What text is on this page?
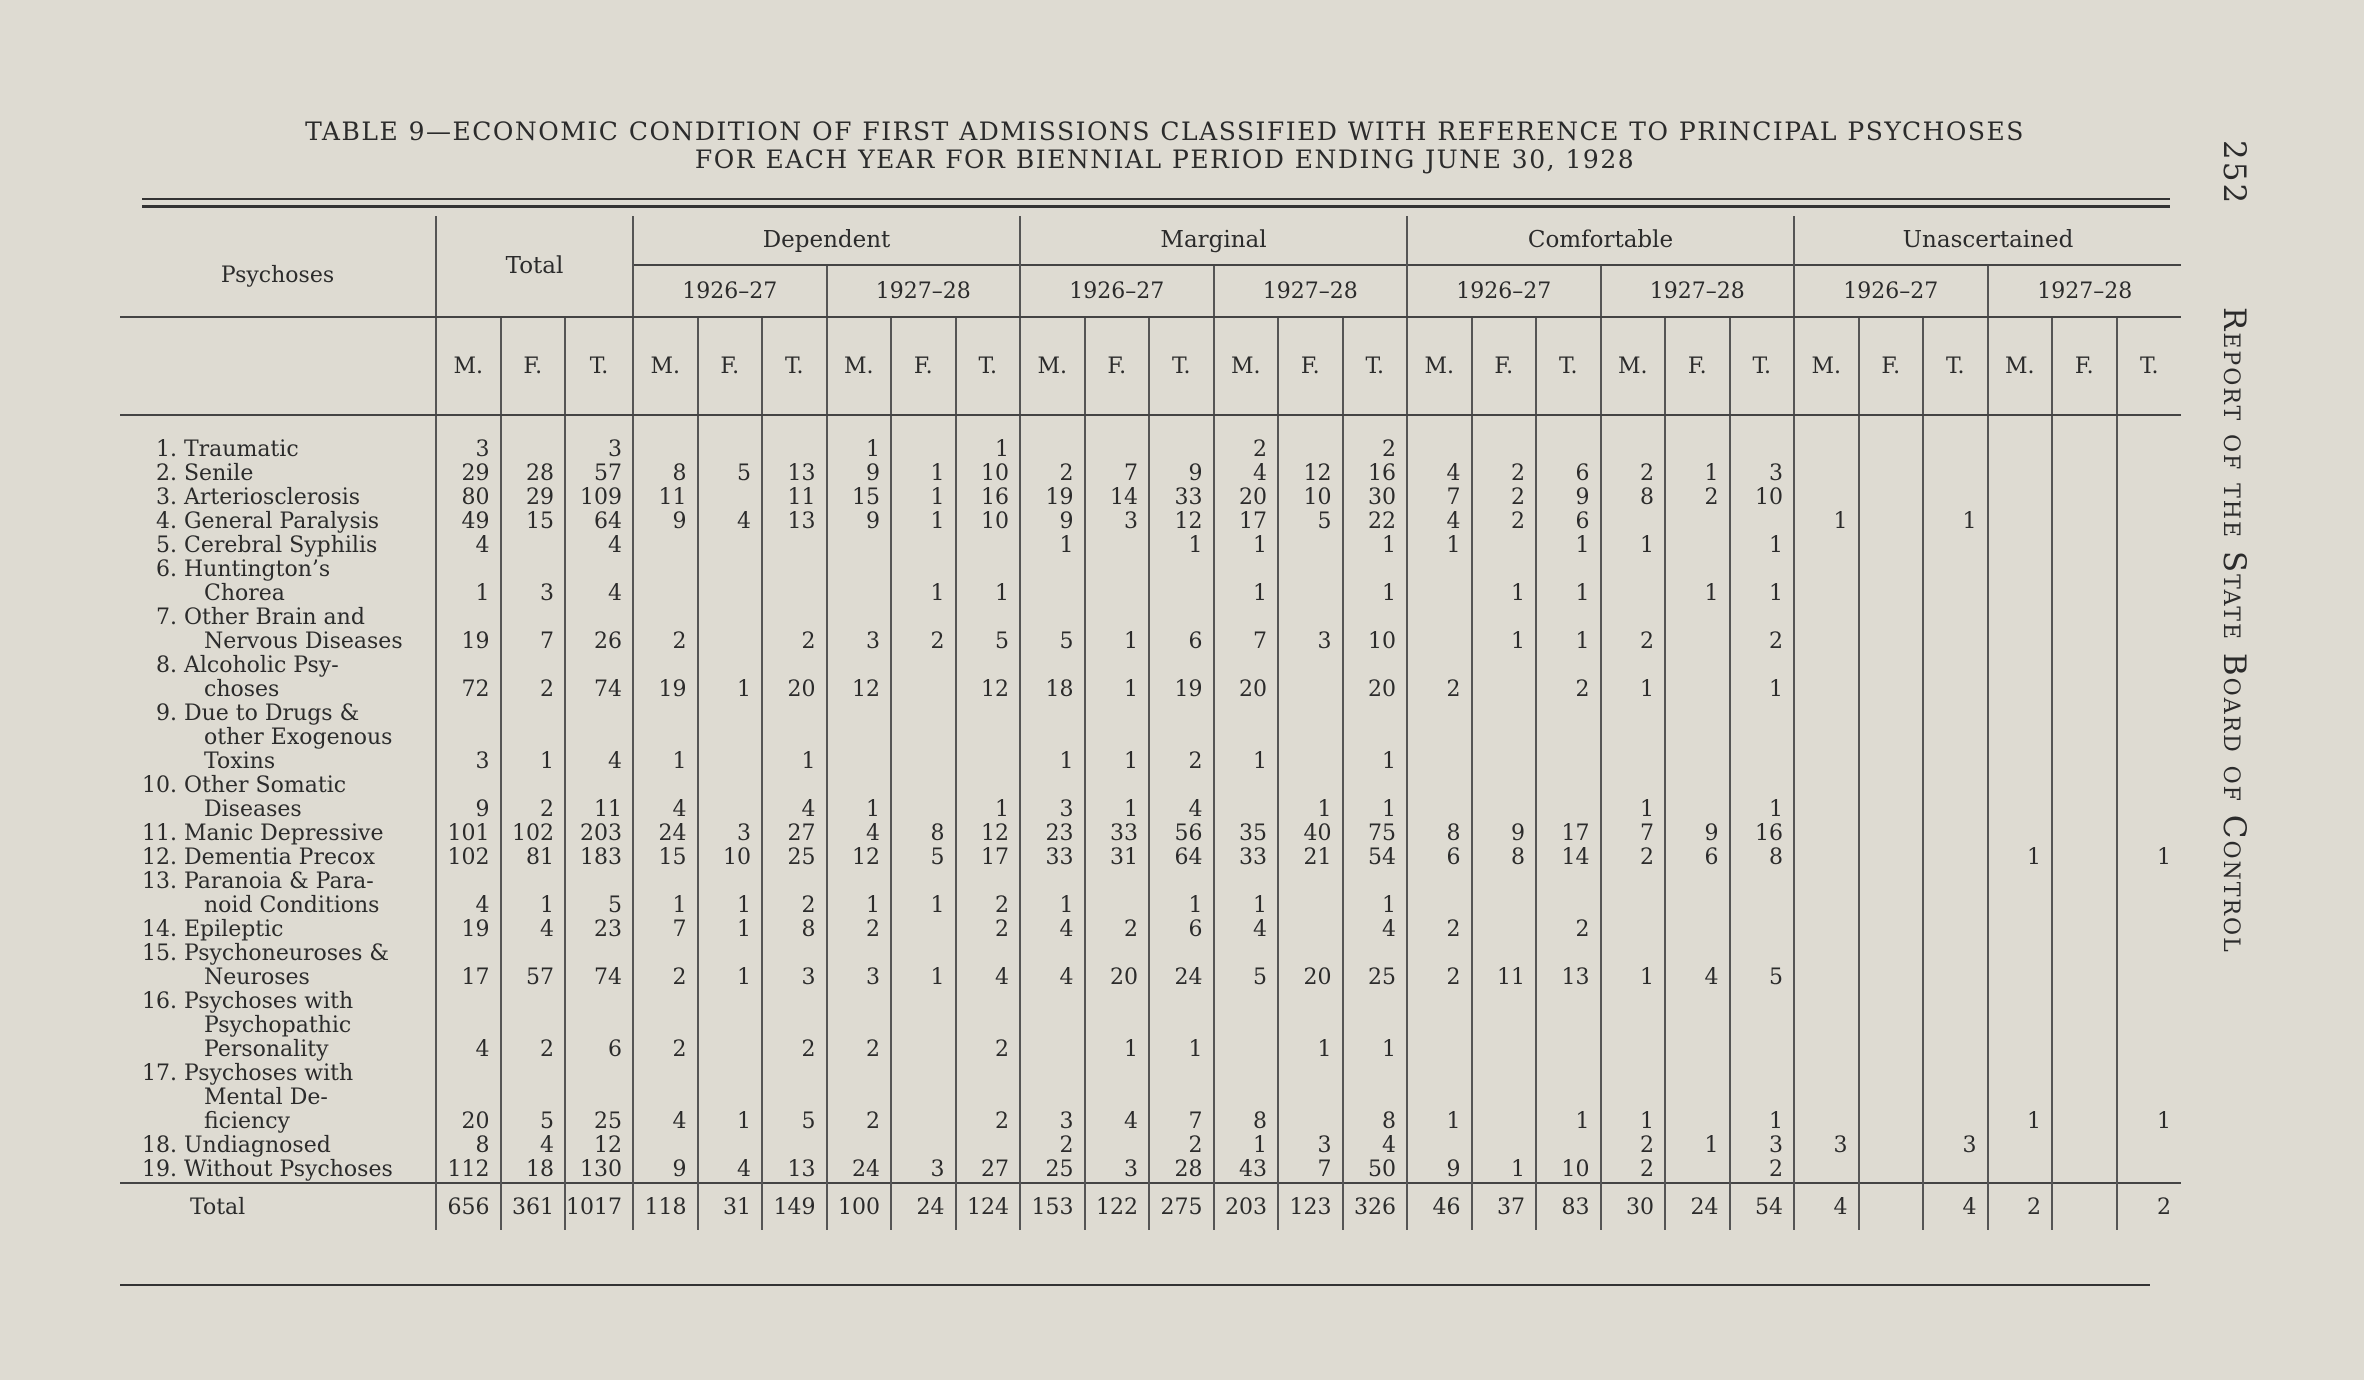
TABLE 9—ECONOMIC CONDITION OF FIRST ADMISSIONS CLASSIFIED WITH REFERENCE TO PRINCIPAL PSYCHOSES
FOR EACH YEAR FOR BIENNIAL PERIOD ENDING JUNE 30, 1928	252 Report of the State Board of Control
Psychoses	Total			Dependent						Marginal						Comfortable						Unascertained					
				1926–27			1927–28			1926–27			1927–28			1926–27			1927–28			1926–27			1927–28		
	M.	F.	T.	M.	F.	T.	M.	F.	T.	M.	F.	T.	M.	F.	T.	M.	F.	T.	M.	F.	T.	M.	F.	T.	M.	F.	T.

1. Traumatic	3		3				1		1				2		2												

2. Senile	29	28	57	8	5	13	9	1	10	2	7	9	4	12	16	4	2	6	2	1	3						

3. Arteriosclerosis	80	29	109	11		11	15	1	16	19	14	33	20	10	30	7	2	9	8	2	10						

4. General Paralysis	49	15	64	9	4	13	9	1	10	9	3	12	17	5	22	4	2	6				1		1			

5. Cerebral Syphilis	4		4							1		1	1		1	1		1	1		1						

6. Huntington’s
Chorea	1	3	4					1	1				1		1		1	1		1	1						

7. Other Brain and
Nervous Diseases	19	7	26	2		2	3	2	5	5	1	6	7	3	10		1	1	2		2						

8. Alcoholic Psy-
choses	72	2	74	19	1	20	12		12	18	1	19	20		20	2		2	1		1						

9. Due to Drugs &
other Exogenous
Toxins	3	1	4	1		1				1	1	2	1		1												

10. Other Somatic
Diseases	9	2	11	4		4	1		1	3	1	4		1	1				1		1						

11. Manic Depressive	101	102	203	24	3	27	4	8	12	23	33	56	35	40	75	8	9	17	7	9	16						

12. Dementia Precox	102	81	183	15	10	25	12	5	17	33	31	64	33	21	54	6	8	14	2	6	8				1		1

13. Paranoia & Para-
noid Conditions	4	1	5	1	1	2	1	1	2	1		1	1		1												

14. Epileptic	19	4	23	7	1	8	2		2	4	2	6	4		4	2		2									

15. Psychoneuroses &
Neuroses	17	57	74	2	1	3	3	1	4	4	20	24	5	20	25	2	11	13	1	4	5						

16. Psychoses with
Psychopathic
Personality	4	2	6	2		2	2		2		1	1		1	1												

17. Psychoses with
Mental De-
ficiency	20	5	25	4	1	5	2		2	3	4	7	8		8	1		1	1		1				1		1

18. Undiagnosed	8	4	12							2		2	1	3	4				2	1	3	3		3			

19. Without Psychoses	112	18	130	9	4	13	24	3	27	25	3	28	43	7	50	9	1	10	2		2						
Total	656	361	1017	118	31	149	100	24	124	153	122	275	203	123	326	46	37	83	30	24	54	4		4	2		2
